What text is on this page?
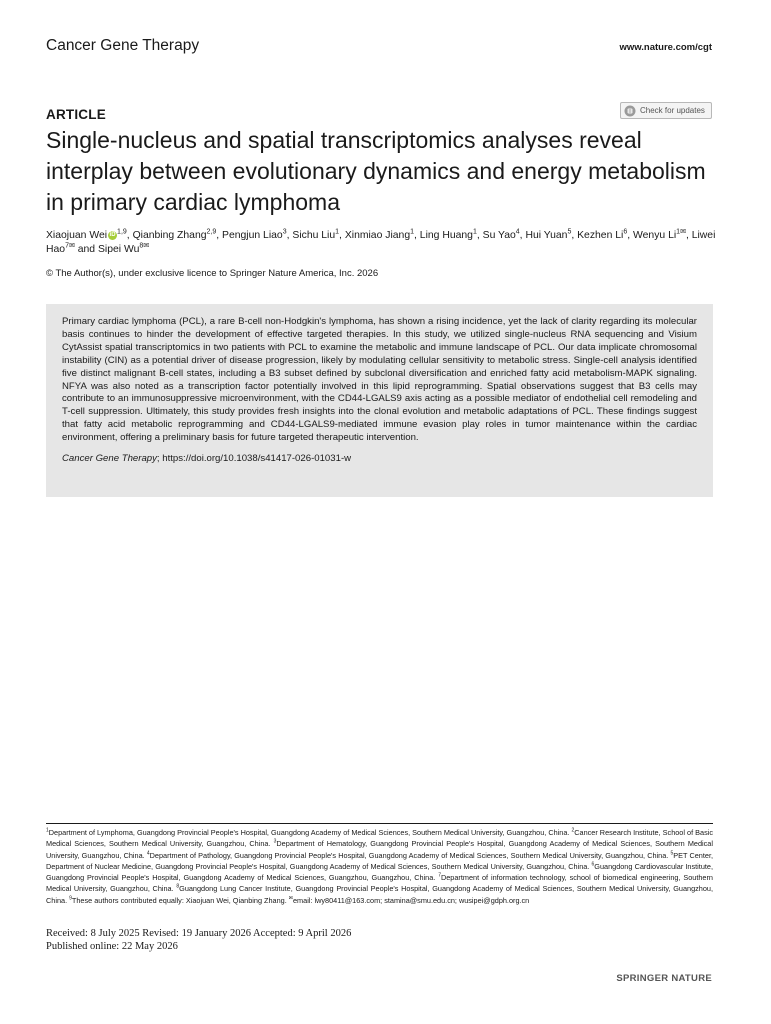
Cancer Gene Therapy	www.nature.com/cgt
ARTICLE	Check for updates
Single-nucleus and spatial transcriptomics analyses reveal interplay between evolutionary dynamics and energy metabolism in primary cardiac lymphoma
Xiaojuan Wei iD $^{1,9}$, Qianbing Zhang$^{2,9}$, Pengjun Liao$^3$, Sichu Liu$^1$, Xinmiao Jiang$^1$, Ling Huang$^1$, Su Yao$^4$, Hui Yuan$^5$, Kezhen Li$^6$, Wenyu $Li^{1✉}$, Liwei Hao$^{7✉}$ and Sipei $Wu^{8✉}$
© The Author(s), under exclusive licence to Springer Nature America, Inc. 2026
Primary cardiac lymphoma (PCL), a rare B-cell non-Hodgkin's lymphoma, has shown a rising incidence, yet the lack of clarity regarding its molecular basis continues to hinder the development of effective targeted therapies. In this study, we utilized single-nucleus RNA sequencing and Visium CytAssist spatial transcriptomics in two patients with PCL to examine the metabolic and immune landscape of PCL. Our data implicate chromosomal instability (CIN) as a potential driver of disease progression, likely by modulating cellular sensitivity to metabolic stress. Single-cell analysis identified five distinct malignant B-cell states, including a B3 subset defined by subclonal diversification and enriched fatty acid metabolism-MAPK signaling. NFYA was also noted as a transcription factor potentially involved in this lipid reprogramming. Spatial observations suggest that B3 cells may contribute to an immunosuppressive microenvironment, with the CD44-LGALS9 axis acting as a possible mediator of endothelial cell remodeling and T-cell suppression. Ultimately, this study provides fresh insights into the clonal evolution and metabolic adaptations of PCL. These findings suggest that fatty acid metabolic reprogramming and CD44-LGALS9-mediated immune evasion play roles in tumor maintenance within the cardiac environment, offering a preliminary basis for future targeted therapeutic intervention.
Cancer Gene Therapy; https://doi.org/10.1038/s41417-026-01031-w
$^1$Department of Lymphoma, Guangdong Provincial People's Hospital, Guangdong Academy of Medical Sciences, Southern Medical University, Guangzhou, China. $^2$Cancer Research Institute, School of Basic Medical Sciences, Southern Medical University, Guangzhou, China. $^3$Department of Hematology, Guangdong Provincial People's Hospital, Guangdong Academy of Medical Sciences, Southern Medical University, Guangzhou, China. $^4$Department of Pathology, Guangdong Provincial People's Hospital, Guangdong Academy of Medical Sciences, Southern Medical University, Guangzhou, China. $^5$PET Center, Department of Nuclear Medicine, Guangdong Provincial People's Hospital, Guangdong Academy of Medical Sciences, Southern Medical University, Guangzhou, China. $^6$Guangdong Cardiovascular Institute, Guangdong Provincial People's Hospital, Guangdong Academy of Medical Sciences, Guangzhou, Guangzhou, China. $^7$Department of information technology, school of biomedical engineering, Southern Medical University, Guangzhou, China. $^8$Guangdong Lung Cancer Institute, Guangdong Provincial People's Hospital, Guangdong Academy of Medical Sciences, Southern Medical University, Guangzhou, China. $^9$These authors contributed equally: Xiaojuan Wei, Qianbing Zhang. ✉email: lwy80411@163.com; stamina@smu.edu.cn; wusipei@gdph.org.cn
Received: 8 July 2025 Revised: 19 January 2026 Accepted: 9 April 2026
Published online: 22 May 2026
SPRINGER NATURE
